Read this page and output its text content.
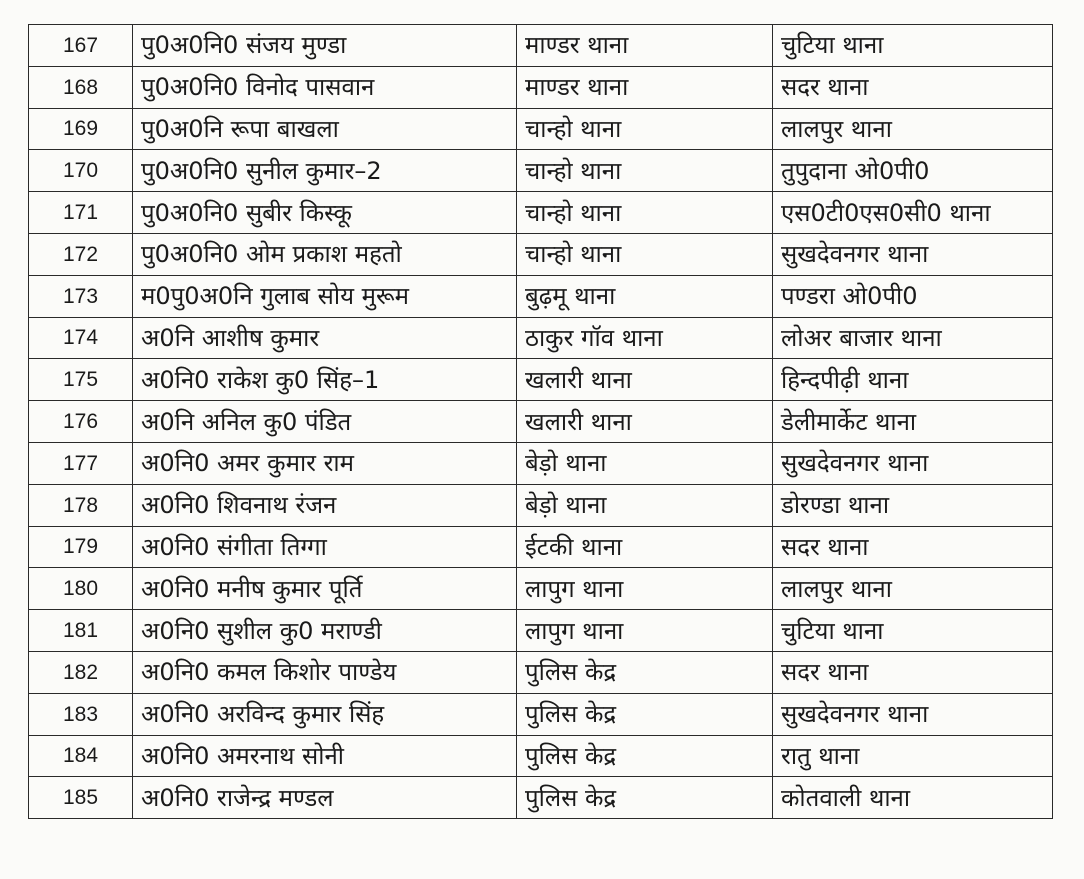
167	पु0अ0नि0 संजय मुण्डा	माण्डर थाना	चुटिया थाना
168	पु0अ0नि0 विनोद पासवान	माण्डर थाना	सदर थाना
169	पु0अ0नि रूपा बाखला	चान्हो थाना	लालपुर थाना
170	पु0अ0नि0 सुनील कुमार–2	चान्हो थाना	तुपुदाना ओ0पी0
171	पु0अ0नि0 सुबीर किस्कू	चान्हो थाना	एस0टी0एस0सी0 थाना
172	पु0अ0नि0 ओम प्रकाश महतो	चान्हो थाना	सुखदेवनगर थाना
173	म0पु0अ0नि गुलाब सोय मुरूम	बुढ़मू थाना	पण्डरा ओ0पी0
174	अ0नि आशीष कुमार	ठाकुर गॉव थाना	लोअर बाजार थाना
175	अ0नि0 राकेश कु0 सिंह–1	खलारी थाना	हिन्दपीढ़ी थाना
176	अ0नि अनिल कु0 पंडित	खलारी थाना	डेलीमार्केट थाना
177	अ0नि0 अमर कुमार राम	बेड़ो थाना	सुखदेवनगर थाना
178	अ0नि0 शिवनाथ रंजन	बेड़ो थाना	डोरण्डा थाना
179	अ0नि0 संगीता तिग्गा	ईटकी थाना	सदर थाना
180	अ0नि0 मनीष कुमार पूर्ति	लापुग थाना	लालपुर थाना
181	अ0नि0 सुशील कु0 मराण्डी	लापुग थाना	चुटिया थाना
182	अ0नि0 कमल किशोर पाण्डेय	पुलिस केद्र	सदर थाना
183	अ0नि0 अरविन्द कुमार सिंह	पुलिस केद्र	सुखदेवनगर थाना
184	अ0नि0 अमरनाथ सोनी	पुलिस केद्र	रातु थाना
185	अ0नि0 राजेन्द्र मण्डल	पुलिस केद्र	कोतवाली थाना
